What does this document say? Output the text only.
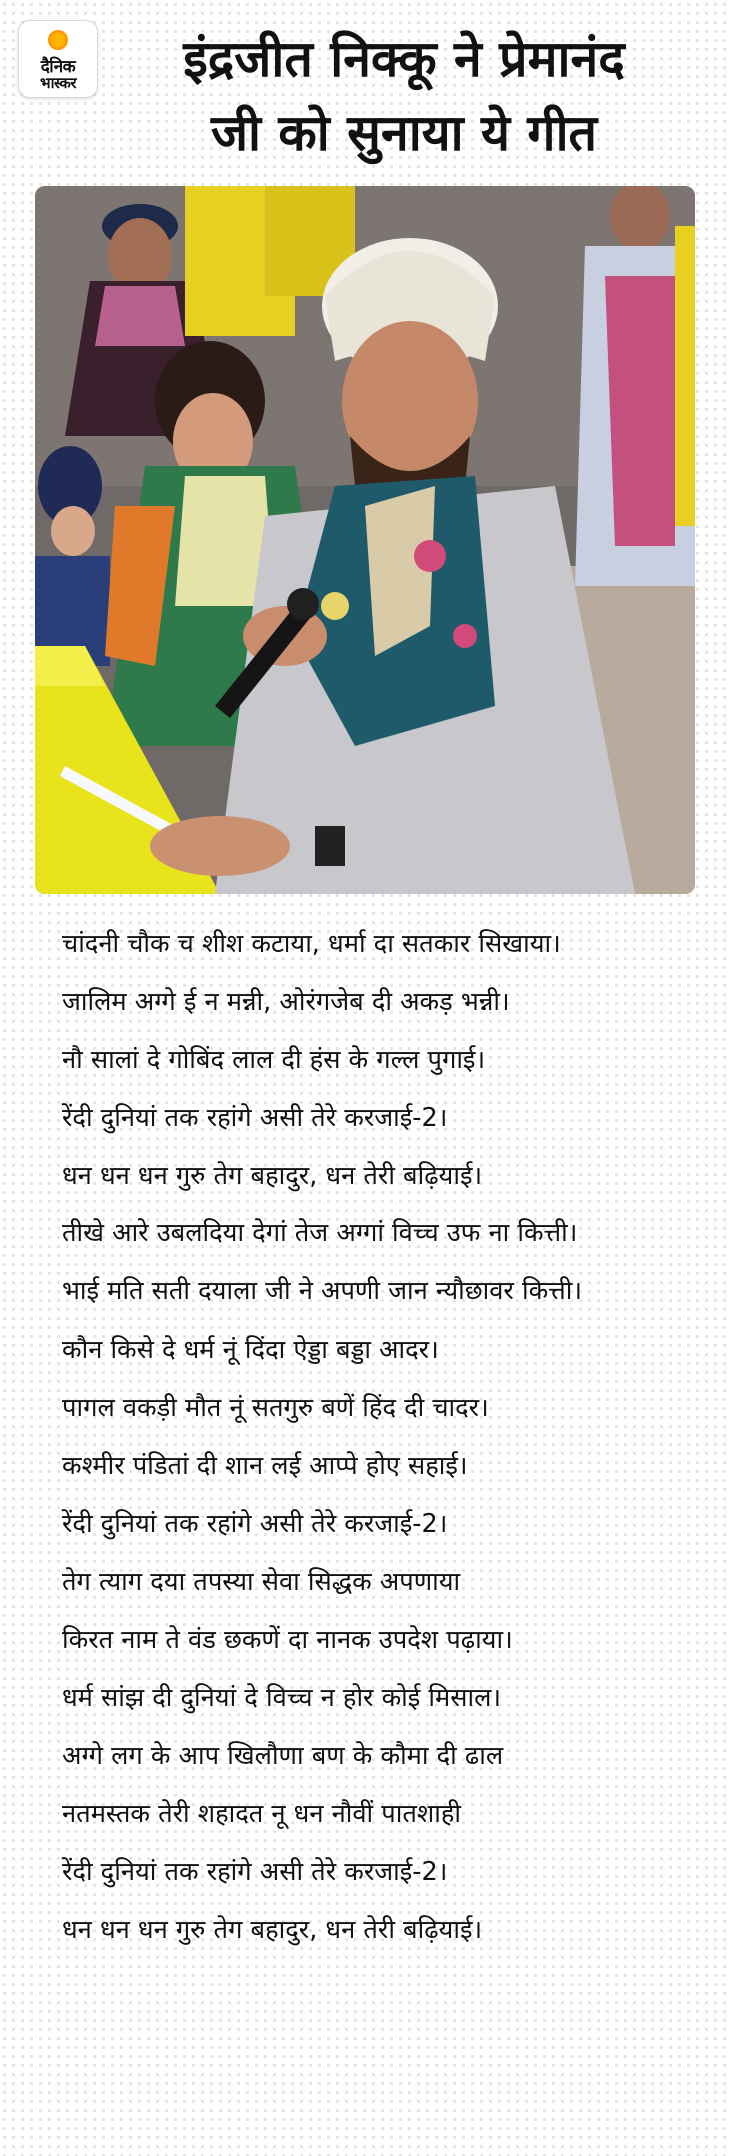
दैनिक
भास्कर	इंद्रजीत निक्कू ने प्रेमानंद
जी को सुनाया ये गीत
चांदनी चौक च शीश कटाया, धर्मा दा सतकार सिखाया।
जालिम अग्गे ई न मन्नी, ओरंगजेब दी अकड़ भन्नी।
नौ सालां दे गोबिंद लाल दी हंस के गल्ल पुगाई।
रेंदी दुनियां तक रहांगे असी तेरे करजाई-2।
धन धन धन गुरु तेग बहादुर, धन तेरी बढ़ियाई।
तीखे आरे उबलदिया देगां तेज अग्गां विच्च उफ ना कित्ती।
भाई मति सती दयाला जी ने अपणी जान न्यौछावर कित्ती।
कौन किसे दे धर्म नूं दिंदा ऐड्डा बड्डा आदर।
पागल वकड़ी मौत नूं सतगुरु बणें हिंद दी चादर।
कश्मीर पंडितां दी शान लई आप्पे होए सहाई।
रेंदी दुनियां तक रहांगे असी तेरे करजाई-2।
तेग त्याग दया तपस्या सेवा सिद्धक अपणाया
किरत नाम ते वंड छकणें दा नानक उपदेश पढ़ाया।
धर्म सांझ दी दुनियां दे विच्च न होर कोई मिसाल।
अग्गे लग के आप खिलौणा बण के कौमा दी ढाल
नतमस्तक तेरी शहादत नू धन नौवीं पातशाही
रेंदी दुनियां तक रहांगे असी तेरे करजाई-2।
धन धन धन गुरु तेग बहादुर, धन तेरी बढ़ियाई।
